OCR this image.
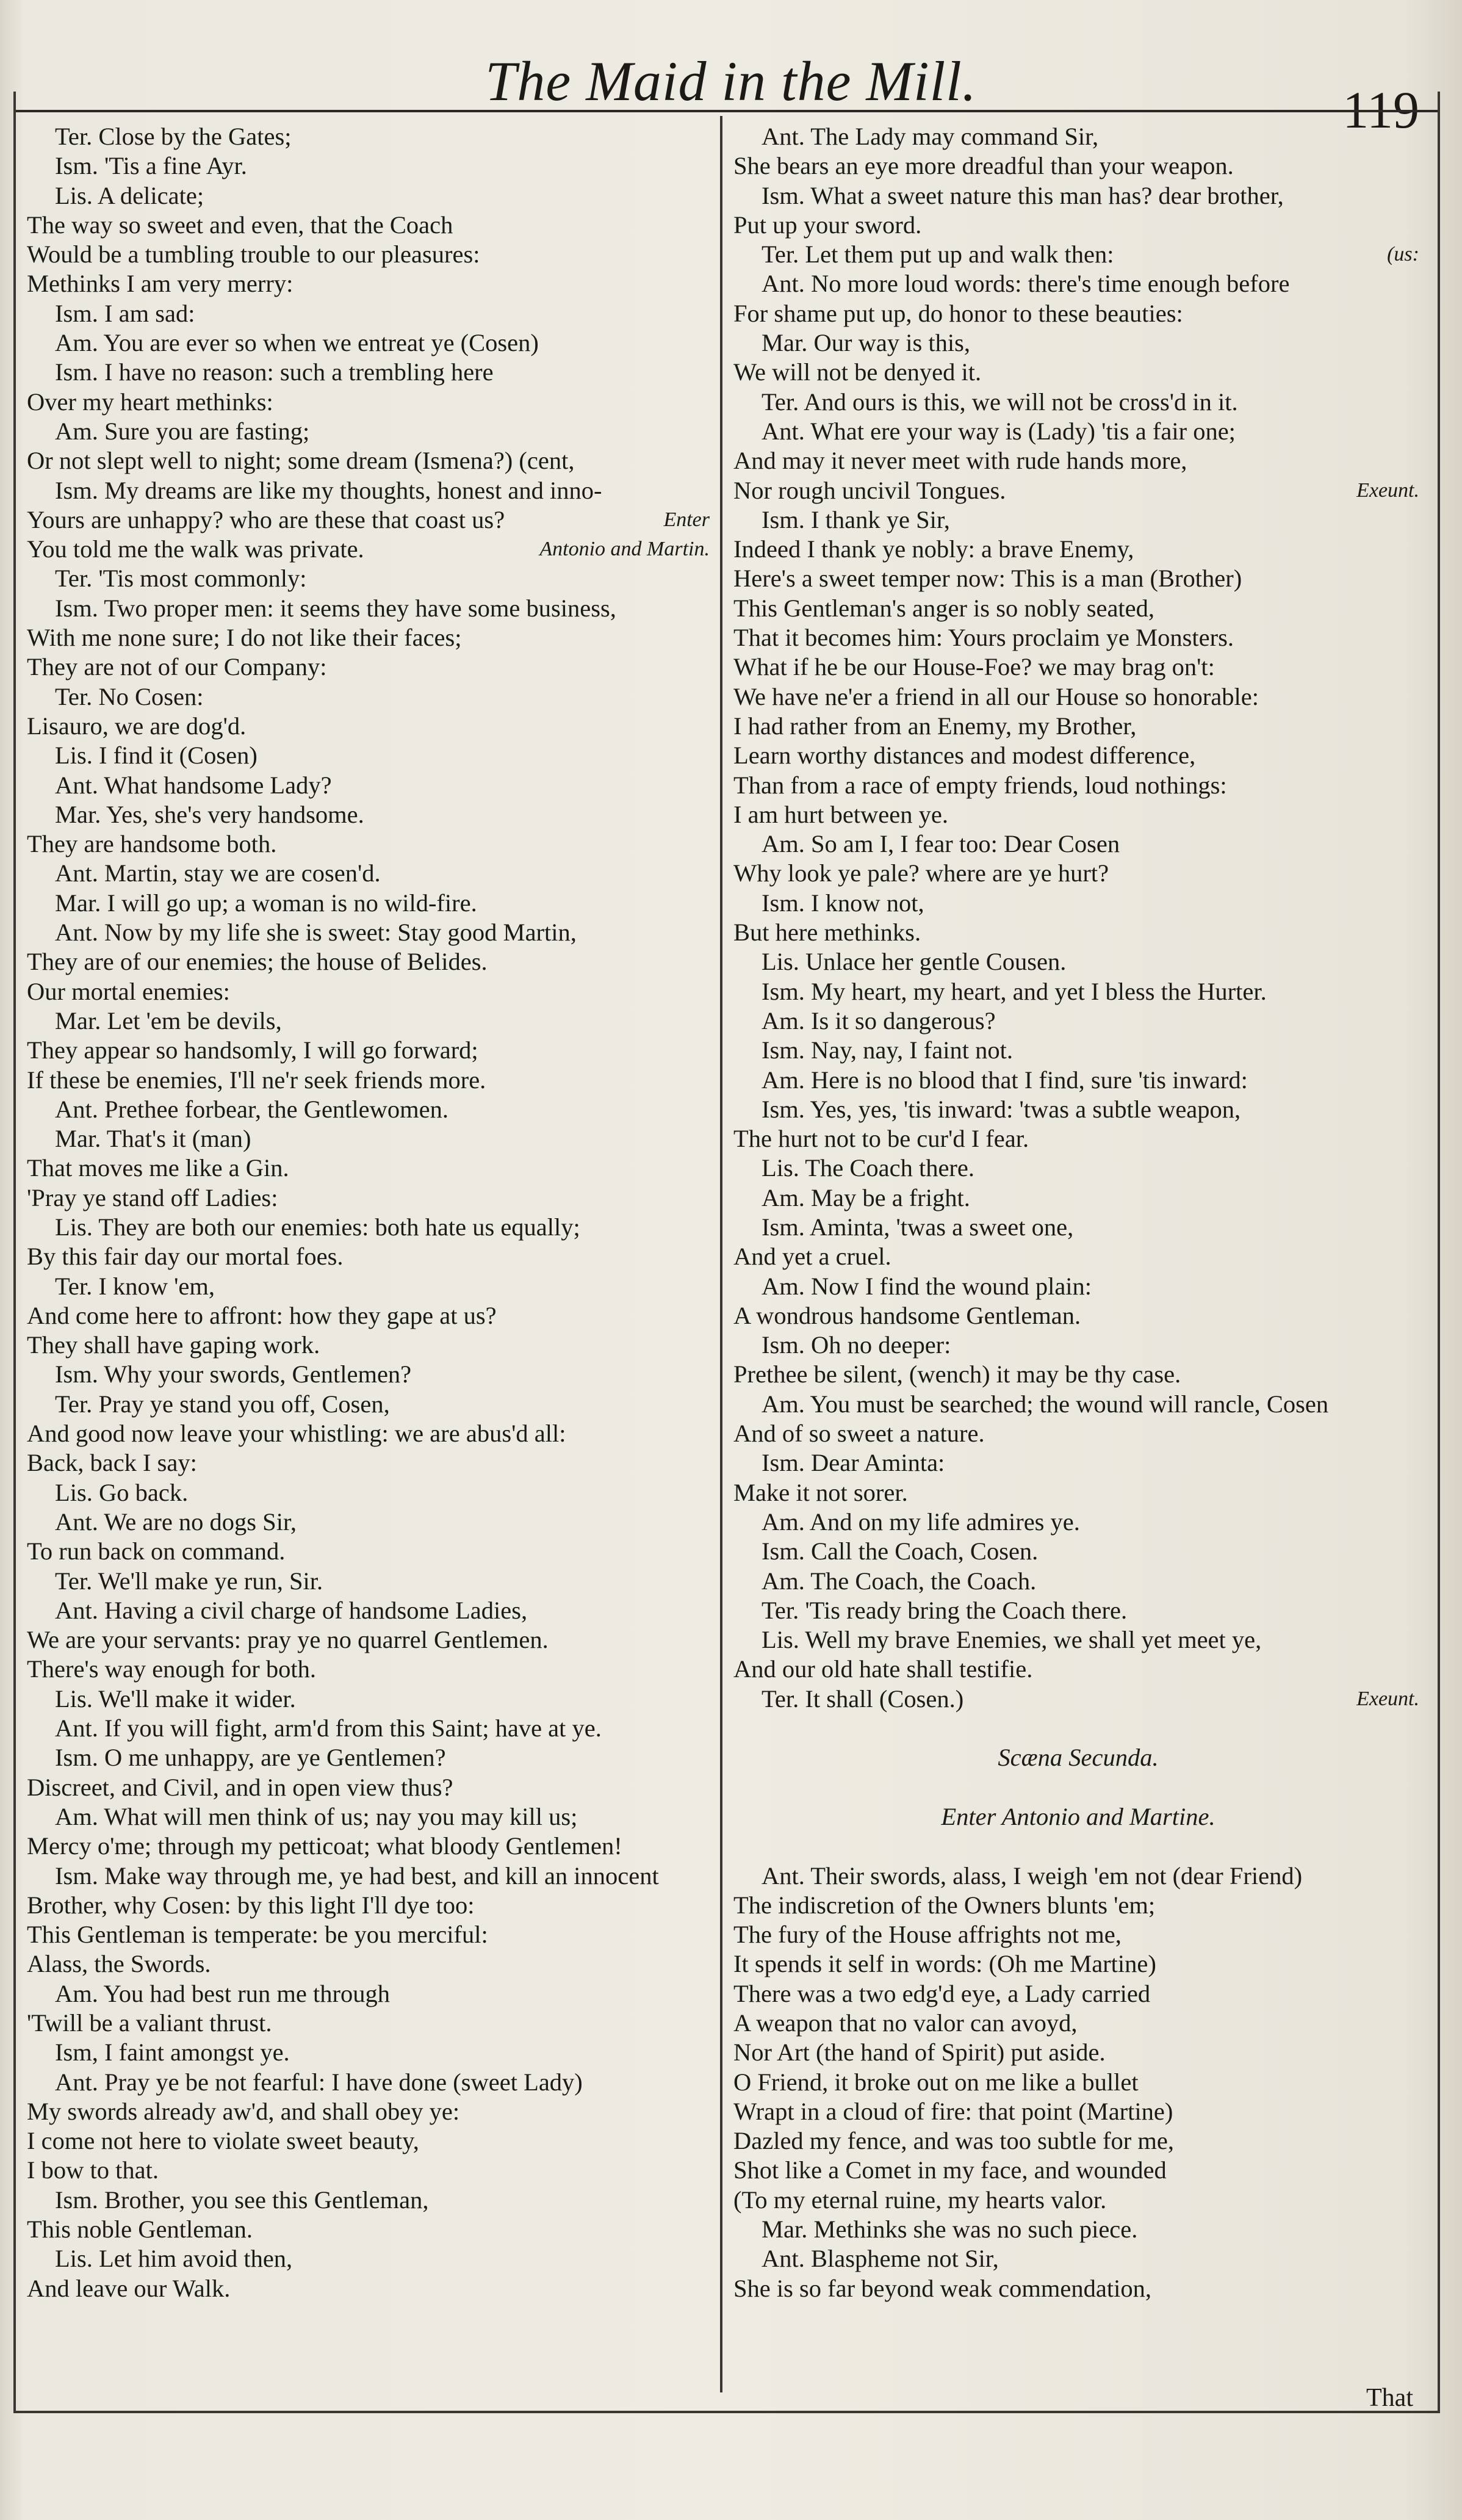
The Maid in the Mill.	119
Ter. Close by the Gates;
Ism. 'Tis a fine Ayr.
Lis. A delicate;
The way so sweet and even, that the Coach
Would be a tumbling trouble to our pleasures:
Methinks I am very merry:
Ism. I am sad:
Am. You are ever so when we entreat ye (Cosen)
Ism. I have no reason: such a trembling here
Over my heart methinks:
Am. Sure you are fasting;
Or not slept well to night; some dream (Ismena?) (cent,
Ism. My dreams are like my thoughts, honest and inno-
Yours are unhappy? who are these that coast us?	Enter
You told me the walk was private.	Antonio and Martin.
Ter. 'Tis most commonly:
Ism. Two proper men: it seems they have some business,
With me none sure; I do not like their faces;
They are not of our Company:
Ter. No Cosen:
Lisauro, we are dog'd.
Lis. I find it (Cosen)
Ant. What handsome Lady?
Mar. Yes, she's very handsome.
They are handsome both.
Ant. Martin, stay we are cosen'd.
Mar. I will go up; a woman is no wild-fire.
Ant. Now by my life she is sweet: Stay good Martin,
They are of our enemies; the house of Belides.
Our mortal enemies:
Mar. Let 'em be devils,
They appear so handsomly, I will go forward;
If these be enemies, I'll ne'r seek friends more.
Ant. Prethee forbear, the Gentlewomen.
Mar. That's it (man)
That moves me like a Gin.
'Pray ye stand off Ladies:
Lis. They are both our enemies: both hate us equally;
By this fair day our mortal foes.
Ter. I know 'em,
And come here to affront: how they gape at us?
They shall have gaping work.
Ism. Why your swords, Gentlemen?
Ter. Pray ye stand you off, Cosen,
And good now leave your whistling: we are abus'd all:
Back, back I say:
Lis. Go back.
Ant. We are no dogs Sir,
To run back on command.
Ter. We'll make ye run, Sir.
Ant. Having a civil charge of handsome Ladies,
We are your servants: pray ye no quarrel Gentlemen.
There's way enough for both.
Lis. We'll make it wider.
Ant. If you will fight, arm'd from this Saint; have at ye.
Ism. O me unhappy, are ye Gentlemen?
Discreet, and Civil, and in open view thus?
Am. What will men think of us; nay you may kill us;
Mercy o'me; through my petticoat; what bloody Gentlemen!
Ism. Make way through me, ye had best, and kill an innocent
Brother, why Cosen: by this light I'll dye too:
This Gentleman is temperate: be you merciful:
Alass, the Swords.
Am. You had best run me through
'Twill be a valiant thrust.
Ism, I faint amongst ye.
Ant. Pray ye be not fearful: I have done (sweet Lady)
My swords already aw'd, and shall obey ye:
I come not here to violate sweet beauty,
I bow to that.
Ism. Brother, you see this Gentleman,
This noble Gentleman.
Lis. Let him avoid then,
And leave our Walk.
Ant. The Lady may command Sir,
She bears an eye more dreadful than your weapon.
Ism. What a sweet nature this man has? dear brother,
Put up your sword.
Ter. Let them put up and walk then:	(us:
Ant. No more loud words: there's time enough before
For shame put up, do honor to these beauties:
Mar. Our way is this,
We will not be denyed it.
Ter. And ours is this, we will not be cross'd in it.
Ant. What ere your way is (Lady) 'tis a fair one;
And may it never meet with rude hands more,
Nor rough uncivil Tongues.	Exeunt.
Ism. I thank ye Sir,
Indeed I thank ye nobly: a brave Enemy,
Here's a sweet temper now: This is a man (Brother)
This Gentleman's anger is so nobly seated,
That it becomes him: Yours proclaim ye Monsters.
What if he be our House-Foe? we may brag on't:
We have ne'er a friend in all our House so honorable:
I had rather from an Enemy, my Brother,
Learn worthy distances and modest difference,
Than from a race of empty friends, loud nothings:
I am hurt between ye.
Am. So am I, I fear too: Dear Cosen
Why look ye pale? where are ye hurt?
Ism. I know not,
But here methinks.
Lis. Unlace her gentle Cousen.
Ism. My heart, my heart, and yet I bless the Hurter.
Am. Is it so dangerous?
Ism. Nay, nay, I faint not.
Am. Here is no blood that I find, sure 'tis inward:
Ism. Yes, yes, 'tis inward: 'twas a subtle weapon,
The hurt not to be cur'd I fear.
Lis. The Coach there.
Am. May be a fright.
Ism. Aminta, 'twas a sweet one,
And yet a cruel.
Am. Now I find the wound plain:
A wondrous handsome Gentleman.
Ism. Oh no deeper:
Prethee be silent, (wench) it may be thy case.
Am. You must be searched; the wound will rancle, Cosen
And of so sweet a nature.
Ism. Dear Aminta:
Make it not sorer.
Am. And on my life admires ye.
Ism. Call the Coach, Cosen.
Am. The Coach, the Coach.
Ter. 'Tis ready bring the Coach there.
Lis. Well my brave Enemies, we shall yet meet ye,
And our old hate shall testifie.
Ter. It shall (Cosen.)	Exeunt.
Scæna Secunda.
Enter Antonio and Martine.
Ant. Their swords, alass, I weigh 'em not (dear Friend)
The indiscretion of the Owners blunts 'em;
The fury of the House affrights not me,
It spends it self in words: (Oh me Martine)
There was a two edg'd eye, a Lady carried
A weapon that no valor can avoyd,
Nor Art (the hand of Spirit) put aside.
O Friend, it broke out on me like a bullet
Wrapt in a cloud of fire: that point (Martine)
Dazled my fence, and was too subtle for me,
Shot like a Comet in my face, and wounded
(To my eternal ruine, my hearts valor.
Mar. Methinks she was no such piece.
Ant. Blaspheme not Sir,
She is so far beyond weak commendation,
That
